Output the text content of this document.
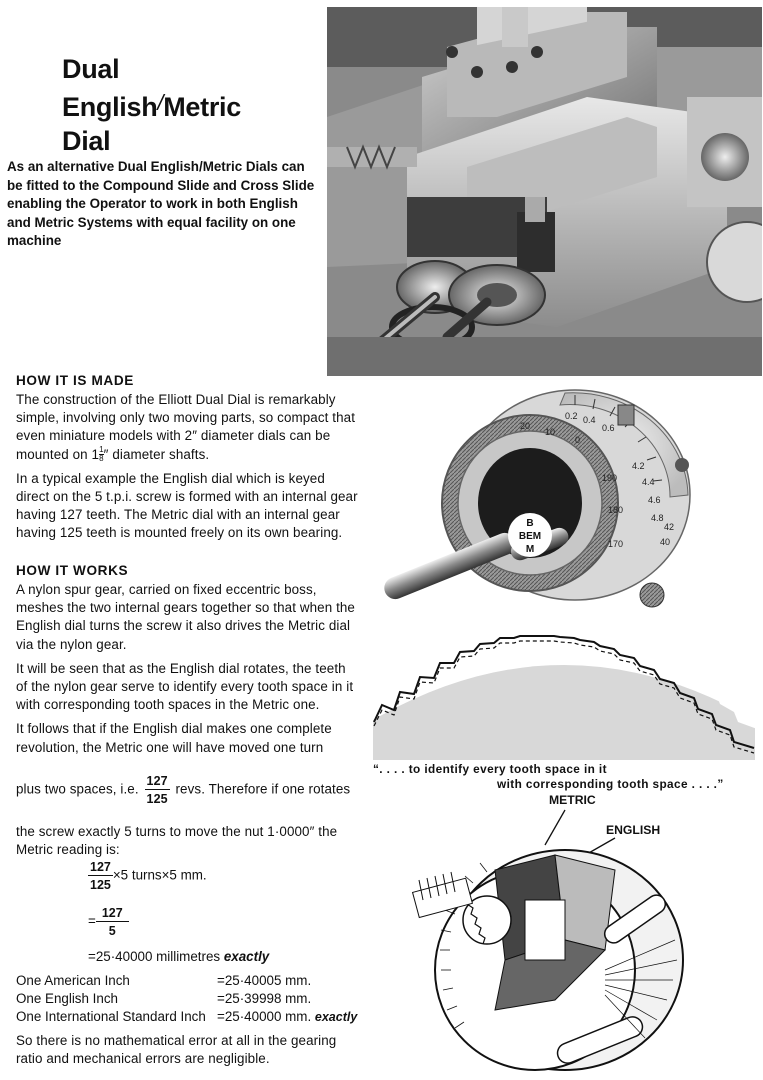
Dual
English/Metric
Dial
As an alternative Dual English/Metric Dials can be fitted to the Compound Slide and Cross Slide enabling the Operator to work in both English and Metric Systems with equal facility on one machine
HOW IT IS MADE

The construction of the Elliott Dual Dial is remarkably simple, involving only two moving parts, so compact that even miniature models with 2″ diameter dials can be mounted on $1 \frac{1}{8}$ ″ diameter shafts.

In a typical example the English dial which is keyed direct on the 5 t.p.i. screw is formed with an internal gear having 127 teeth. The Metric dial with an internal gear having 125 teeth is mounted freely on its own bearing.

HOW IT WORKS

A nylon spur gear, carried on fixed eccentric boss, meshes the two internal gears together so that when the English dial turns the screw it also drives the Metric dial via the nylon gear.

It will be seen that as the English dial rotates, the teeth of the nylon gear serve to identify every tooth space in it with corresponding tooth spaces in the Metric one.

It follows that if the English dial makes one complete revolution, the Metric one will have moved one turn

plus two spaces, i.e. $\frac{127}{125}$ revs. Therefore if one rotates
the screw exactly 5 turns to move the nut 1·0000″ the Metric reading is:
$\frac{127}{125} \times 5$ turns×5 mm.
= $\frac{127}{5}$
=25·40000 millimetres exactly
One American Inch	=25·40005 mm.
One English Inch	=25·39998 mm.
One International Standard Inch =25·40000 mm. exactly
So there is no mathematical error at all in the gearing ratio and mechanical errors are negligible.
0.2 0.4
0.6
20
10
0
190
180
170
4.2
4.4
4.6
4.8
40
42
B
BEM
M
“. . . . to identify every tooth space in it
with corresponding tooth space . . . .”
METRIC
ENGLISH
